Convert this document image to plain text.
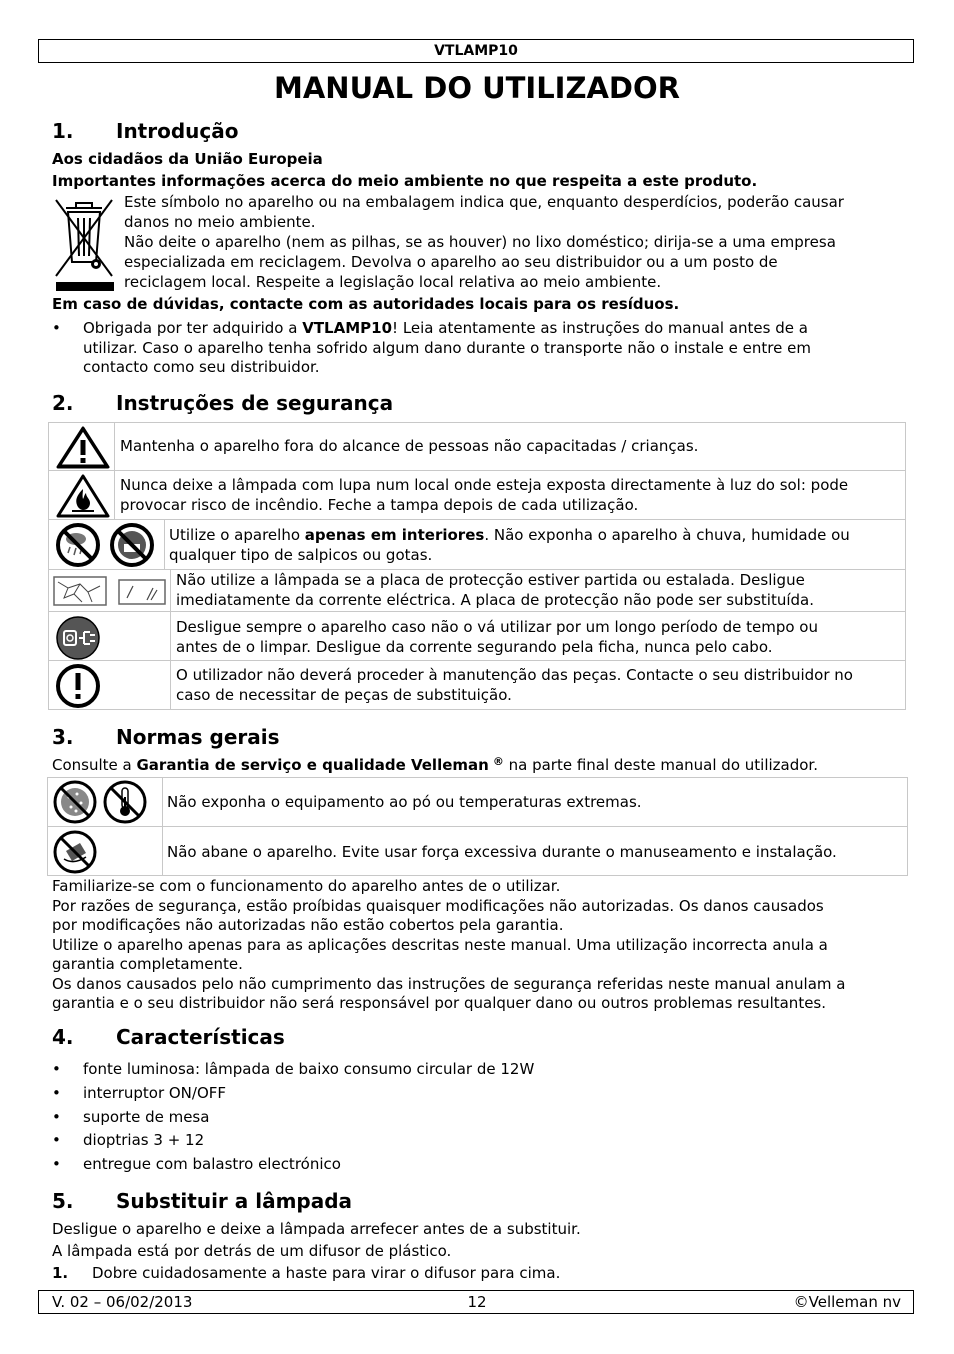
VTLAMP10
MANUAL DO UTILIZADOR
1. Introdução
Aos cidadãos da União Europeia
Importantes informações acerca do meio ambiente no que respeita a este produto.
Este símbolo no aparelho ou na embalagem indica que, enquanto desperdícios, poderão causar
danos no meio ambiente.
Não deite o aparelho (nem as pilhas, se as houver) no lixo doméstico; dirija-se a uma empresa
especializada em reciclagem. Devolva o aparelho ao seu distribuidor ou a um posto de
reciclagem local. Respeite a legislação local relativa ao meio ambiente.
Em caso de dúvidas, contacte com as autoridades locais para os resíduos.
• Obrigada por ter adquirido a VTLAMP10! Leia atentamente as instruções do manual antes de a
utilizar. Caso o aparelho tenha sofrido algum dano durante o transporte não o instale e entre em
contacto como seu distribuidor.
2. Instruções de segurança
Mantenha o aparelho fora do alcance de pessoas não capacitadas / crianças.
Nunca deixe a lâmpada com lupa num local onde esteja exposta directamente à luz do sol: pode
provocar risco de incêndio. Feche a tampa depois de cada utilização.
Utilize o aparelho apenas em interiores. Não exponha o aparelho à chuva, humidade ou
qualquer tipo de salpicos ou gotas.
Não utilize a lâmpada se a placa de protecção estiver partida ou estalada. Desligue
imediatamente da corrente eléctrica. A placa de protecção não pode ser substituída.
Desligue sempre o aparelho caso não o vá utilizar por um longo período de tempo ou
antes de o limpar. Desligue da corrente segurando pela ficha, nunca pelo cabo.
O utilizador não deverá proceder à manutenção das peças. Contacte o seu distribuidor no
caso de necessitar de peças de substituição.
3. Normas gerais
Consulte a Garantia de serviço e qualidade Velleman ® na parte final deste manual do utilizador.
Não exponha o equipamento ao pó ou temperaturas extremas.
Não abane o aparelho. Evite usar força excessiva durante o manuseamento e instalação.
Familiarize-se com o funcionamento do aparelho antes de o utilizar.
Por razões de segurança, estão proíbidas quaisquer modificações não autorizadas. Os danos causados
por modificações não autorizadas não estão cobertos pela garantia.
Utilize o aparelho apenas para as aplicações descritas neste manual. Uma utilização incorrecta anula a
garantia completamente.
Os danos causados pelo não cumprimento das instruções de segurança referidas neste manual anulam a
garantia e o seu distribuidor não será responsável por qualquer dano ou outros problemas resultantes.
4. Características
• fonte luminosa: lâmpada de baixo consumo circular de 12W
• interruptor ON/OFF
• suporte de mesa
• dioptrias 3 + 12
• entregue com balastro electrónico
5. Substituir a lâmpada
Desligue o aparelho e deixe a lâmpada arrefecer antes de a substituir.
A lâmpada está por detrás de um difusor de plástico.
1. Dobre cuidadosamente a haste para virar o difusor para cima.
V. 02 – 06/02/2013	12	©Velleman nv
